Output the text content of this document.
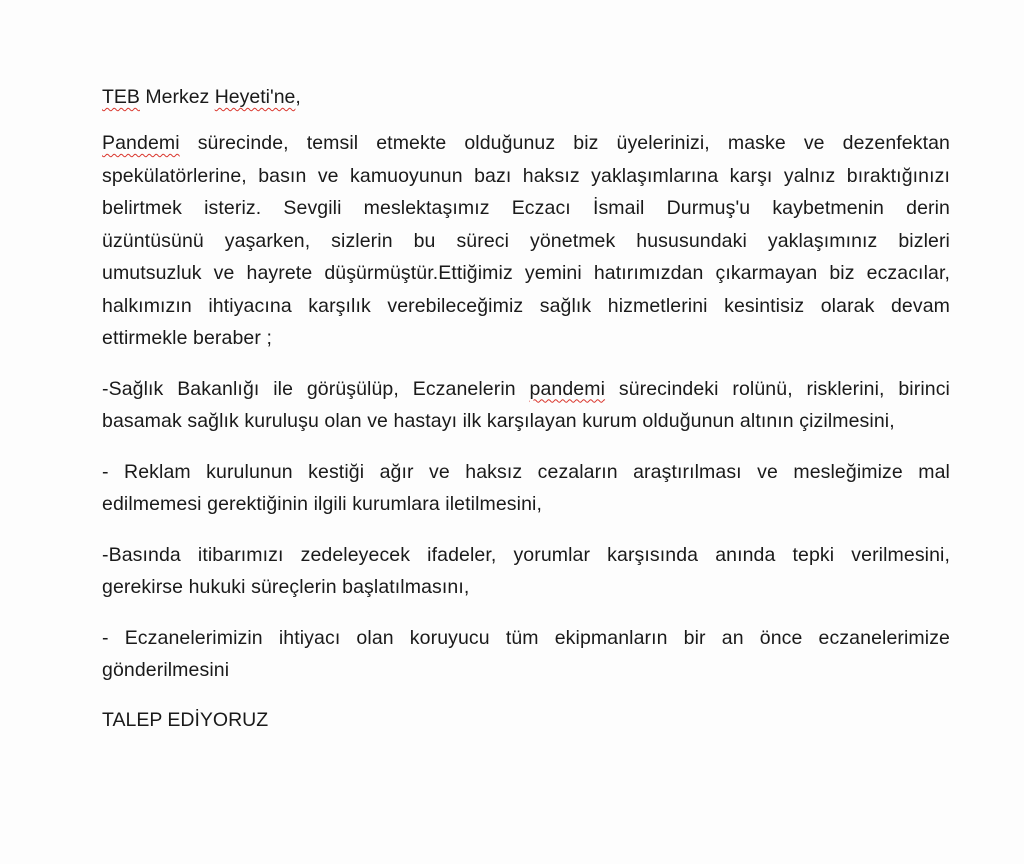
TEB Merkez Heyeti'ne,
Pandemi sürecinde, temsil etmekte olduğunuz biz üyelerinizi, maske ve dezenfektan
spekülatörlerine, basın ve kamuoyunun bazı haksız yaklaşımlarına karşı yalnız bıraktığınızı
belirtmek isteriz. Sevgili meslektaşımız Eczacı İsmail Durmuş'u kaybetmenin derin
üzüntüsünü yaşarken, sizlerin bu süreci yönetmek hususundaki yaklaşımınız bizleri
umutsuzluk ve hayrete düşürmüştür.Ettiğimiz yemini hatırımızdan çıkarmayan biz eczacılar,
halkımızın ihtiyacına karşılık verebileceğimiz sağlık hizmetlerini kesintisiz olarak devam
ettirmekle beraber ;
-Sağlık Bakanlığı ile görüşülüp, Eczanelerin pandemi sürecindeki rolünü, risklerini, birinci
basamak sağlık kuruluşu olan ve hastayı ilk karşılayan kurum olduğunun altının çizilmesini,
- Reklam kurulunun kestiği ağır ve haksız cezaların araştırılması ve mesleğimize mal
edilmemesi gerektiğinin ilgili kurumlara iletilmesini,
-Basında itibarımızı zedeleyecek ifadeler, yorumlar karşısında anında tepki verilmesini,
gerekirse hukuki süreçlerin başlatılmasını,
- Eczanelerimizin ihtiyacı olan koruyucu tüm ekipmanların bir an önce eczanelerimize
gönderilmesini
TALEP EDİYORUZ
